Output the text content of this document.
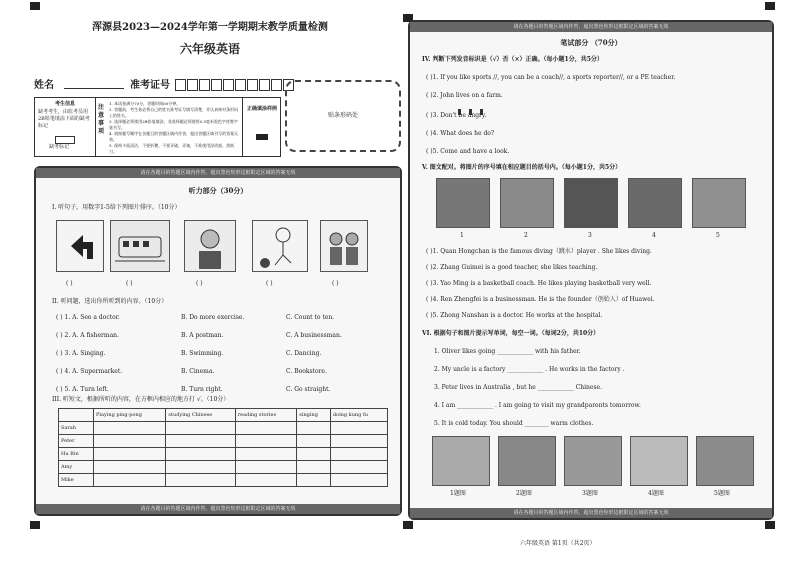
浑源县2023—2024学年第一学期期末教学质量检测
六年级英语
姓名	准考证号
考生信息
缺考考生，由监考员用2B铅笔填涂下面的缺考标记
缺考标记
注意事项
1. 本试卷满分70分，答题时间60分钟。
2. 答题前，考生务必将自己的姓名准考证号填写清楚，并认真核对条形码上的姓名。
3. 选择题必须使用2B铅笔填涂，非选择题必须使用0.5毫米黑色字迹签字笔书写。
4. 请按题号顺序在各题目的答题区域内作答，超出答题区域书写的答案无效。
5. 保持卡面清洁，不要折叠、不要弄破、弄皱，不准使用涂改液、刮纸刀。
正确填涂样例
贴条形码处
请在各题目的答题区域内作答，超出黑色矩形边框限定区域的答案无效
听力部分（30分）
I. 听句子，用数字1-5给下列图片排序。（10分）
( )	( )	( )	( )	( )
II. 听问题，选出你所听到的内容。（10分）
( ) 1. A. See a doctor.	B. Do more exercise.	C. Count to ten.
( ) 2. A. A fisherman.	B. A postman.	C. A businessman.
( ) 3. A. Singing.	B. Swimming.	C. Dancing.
( ) 4. A. Supermarket.	B. Cinema.	C. Bookstore.
( ) 5. A. Turn left.	B. Turn right.	C. Go straight.
III. 听短文，根据所听的内容，在方框内相应的地方打 √。（10分）
	Playing ping-pong	studying Chinese	reading stories	singing	doing kung fu
Sarah					
Peter					
Hu Bin					
Amy					
Mike					
请在各题目的答题区域内作答，超出黑色矩形边框限定区域的答案无效
请在各题目的答题区域内作答，超出黑色矩形边框限定区域的答案无效
笔试部分 （70分）
IV. 判断下列发音标识是（√）否（×）正确。（每小题1分，共5分）
( )1. If you like sports //, you can be a coach//, a sports reporter//, or a PE teacher.
( )2. John lives on a farm.
( )3. Don't be angry.
( )4. What does he do?
( )5. Come and have a look.
V. 图文配对。将图片的序号填在相应题目的括号内。（每小题1分，共5分）
1	2	3	4	5
( )1. Quan Hongchan is the famous diving（跳水）player . She likes diving.
( )2. Zhang Guimei is a good teacher, she likes teaching.
( )3. Yao Ming is a basketball coach. He likes playing basketball very well.
( )4. Ren Zhengfei is a businessman. He is the founder（创始人）of Huawei.
( )5. Zhong Nanshan is a doctor. He works at the hospital.
VI. 根据句子和图片提示写单词，每空一词。（每词2分，共10分）
1. Oliver likes going ____________ with his father.
2. My uncle is a factory ____________ . He works in the factory .
3. Peter lives in Australia , but he ____________ Chinese.
4. I am ____________ . I am going to visit my grandparents tomorrow.
5. It is cold today. You should ________ warm clothes.
1题图	2题图	3题图	4题图	5题图
请在各题目的答题区域内作答，超出黑色矩形边框限定区域的答案无效
六年级英语 第1页（共2页）
